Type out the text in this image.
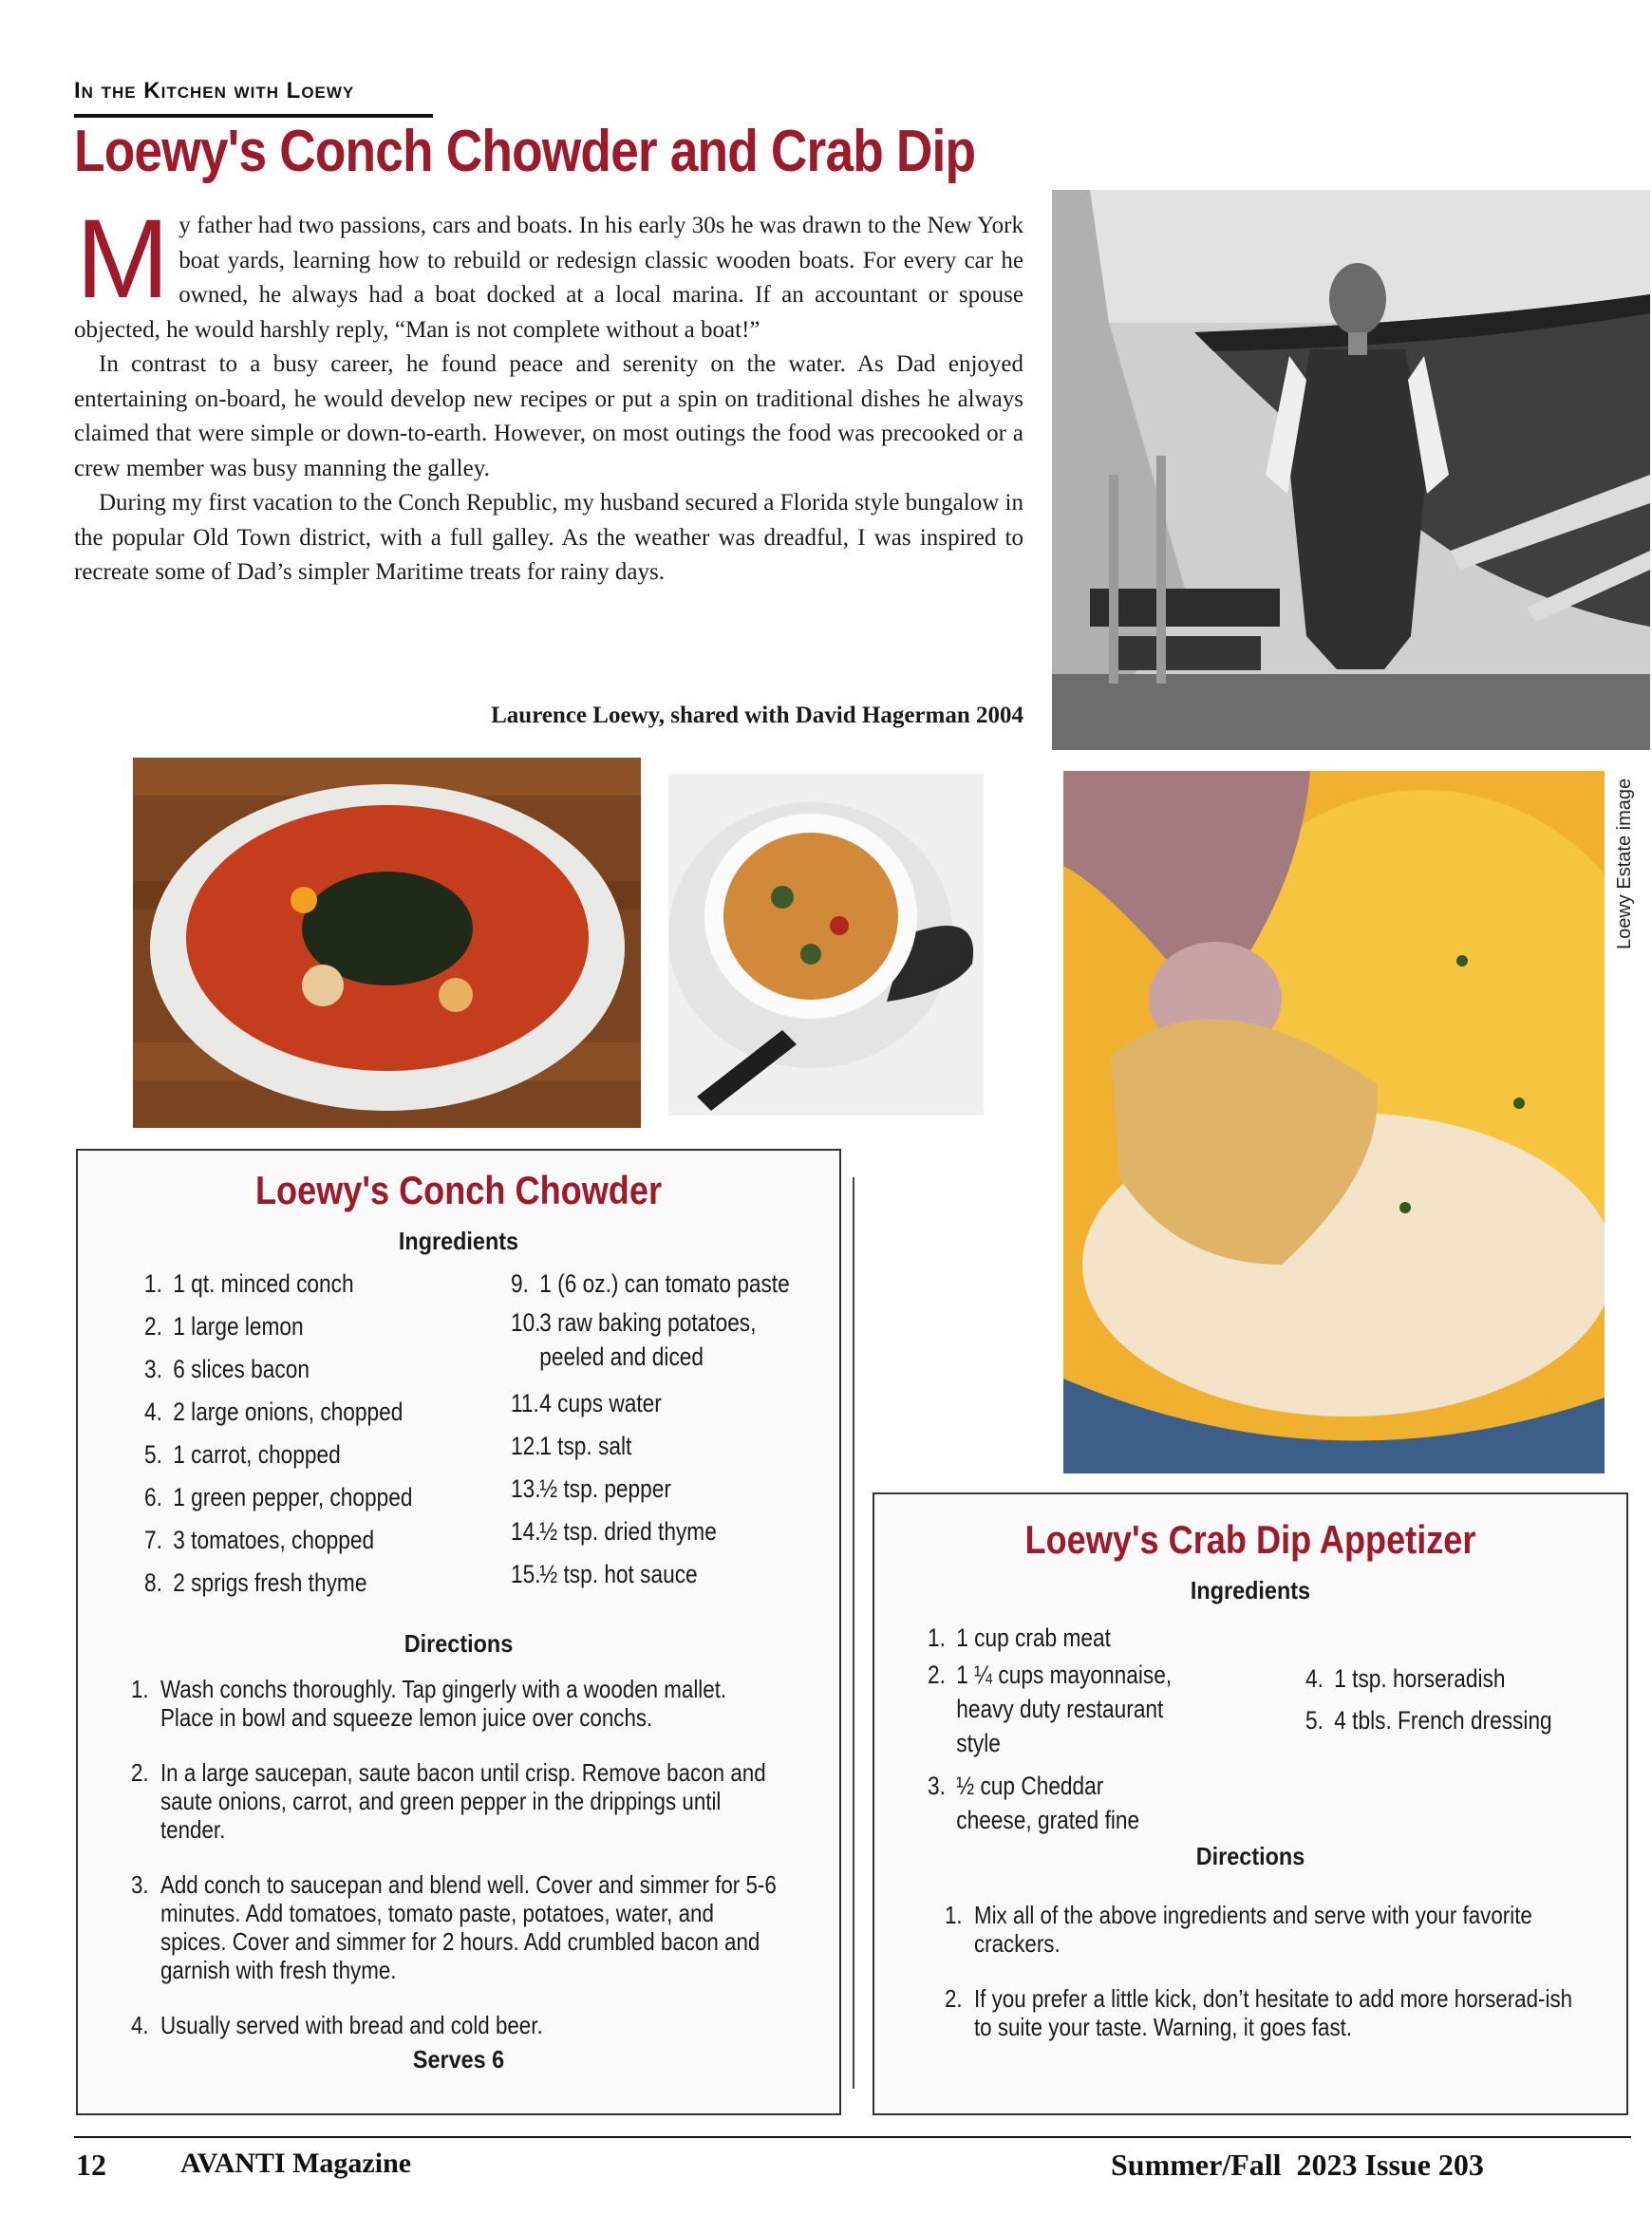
In the Kitchen with Loewy
Loewy's Conch Chowder and Crab Dip

My father had two passions, cars and boats. In his early 30s he was drawn to the New York boat yards, learning how to rebuild or redesign classic wooden boats. For every car he owned, he always had a boat docked at a local marina. If an accountant or spouse objected, he would harshly reply, “Man is not complete without a boat!”

In contrast to a busy career, he found peace and serenity on the water. As Dad enjoyed entertaining on-board, he would develop new recipes or put a spin on traditional dishes he always claimed that were simple or down-to-earth. However, on most outings the food was precooked or a crew member was busy manning the galley.

During my first vacation to the Conch Republic, my husband secured a Florida style bungalow in the popular Old Town district, with a full galley. As the weather was dreadful, I was inspired to recreate some of Dad’s simpler Maritime treats for rainy days.

Laurence Loewy, shared with David Hagerman 2004
Loewy Estate image
Loewy's Conch Chowder
Ingredients
1. 1 qt. minced conch
2. 1 large lemon
3. 6 slices bacon
4. 2 large onions, chopped
5. 1 carrot, chopped
6. 1 green pepper, chopped
7. 3 tomatoes, chopped
8. 2 sprigs fresh thyme
9. 1 (6 oz.) can tomato paste
10.
3 raw baking potatoes, peeled and diced
11. 4 cups water
12.
1 tsp. salt
13.
½ tsp. pepper
14.
½ tsp. dried thyme
15.
½ tsp. hot sauce
Directions
1. Wash conchs thoroughly. Tap gingerly with a wooden mallet. Place in bowl and squeeze lemon juice over conchs.
2. In a large saucepan, saute bacon until crisp. Remove bacon and saute onions, carrot, and green pepper in the drippings until tender.
3. Add conch to saucepan and blend well. Cover and simmer for 5-6 minutes. Add tomatoes, tomato paste, potatoes, water, and spices. Cover and simmer for 2 hours. Add crumbled bacon and garnish with fresh thyme.
4. Usually served with bread and cold beer.
Serves 6
Loewy's Crab Dip Appetizer
Ingredients
1. 1 cup crab meat
2. 1 ¼ cups mayonnaise, heavy duty restaurant style
3. ½ cup Cheddar cheese, grated fine
4. 1 tsp. horseradish
5. 4 tbls. French dressing
Directions
1. Mix all of the above ingredients and serve with your favorite crackers.
2. If you prefer a little kick, don’t hesitate to add more horserad-ish to suite your taste. Warning, it goes fast.
12	AVANTI Magazine	Summer/Fall  2023 Issue 203
